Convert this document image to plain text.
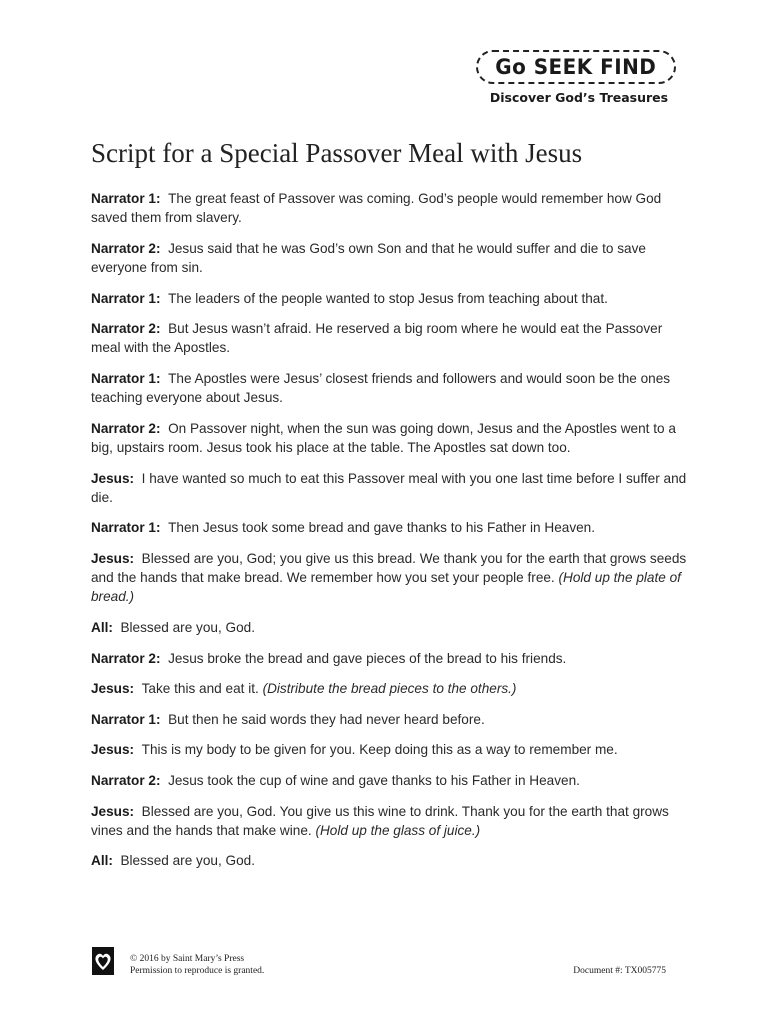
Go SEEK FIND
Discover God’s Treasures
Script for a Special Passover Meal with Jesus

Narrator 1: The great feast of Passover was coming. God’s people would remember how God saved them from slavery.

Narrator 2: Jesus said that he was God’s own Son and that he would suffer and die to save everyone from sin.

Narrator 1: The leaders of the people wanted to stop Jesus from teaching about that.

Narrator 2: But Jesus wasn’t afraid. He reserved a big room where he would eat the Passover meal with the Apostles.

Narrator 1: The Apostles were Jesus’ closest friends and followers and would soon be the ones teaching everyone about Jesus.

Narrator 2: On Passover night, when the sun was going down, Jesus and the Apostles went to a big, upstairs room. Jesus took his place at the table. The Apostles sat down too.

Jesus: I have wanted so much to eat this Passover meal with you one last time before I suffer and die.

Narrator 1: Then Jesus took some bread and gave thanks to his Father in Heaven.

Jesus: Blessed are you, God; you give us this bread. We thank you for the earth that grows seeds and the hands that make bread. We remember how you set your people free. (Hold up the plate of bread.)

All: Blessed are you, God.

Narrator 2: Jesus broke the bread and gave pieces of the bread to his friends.

Jesus: Take this and eat it. (Distribute the bread pieces to the others.)

Narrator 1: But then he said words they had never heard before.

Jesus: This is my body to be given for you. Keep doing this as a way to remember me.

Narrator 2: Jesus took the cup of wine and gave thanks to his Father in Heaven.

Jesus: Blessed are you, God. You give us this wine to drink. Thank you for the earth that grows vines and the hands that make wine. (Hold up the glass of juice.)

All: Blessed are you, God.

© 2016 by Saint Mary’s Press
Permission to reproduce is granted.	Document #: TX005775
